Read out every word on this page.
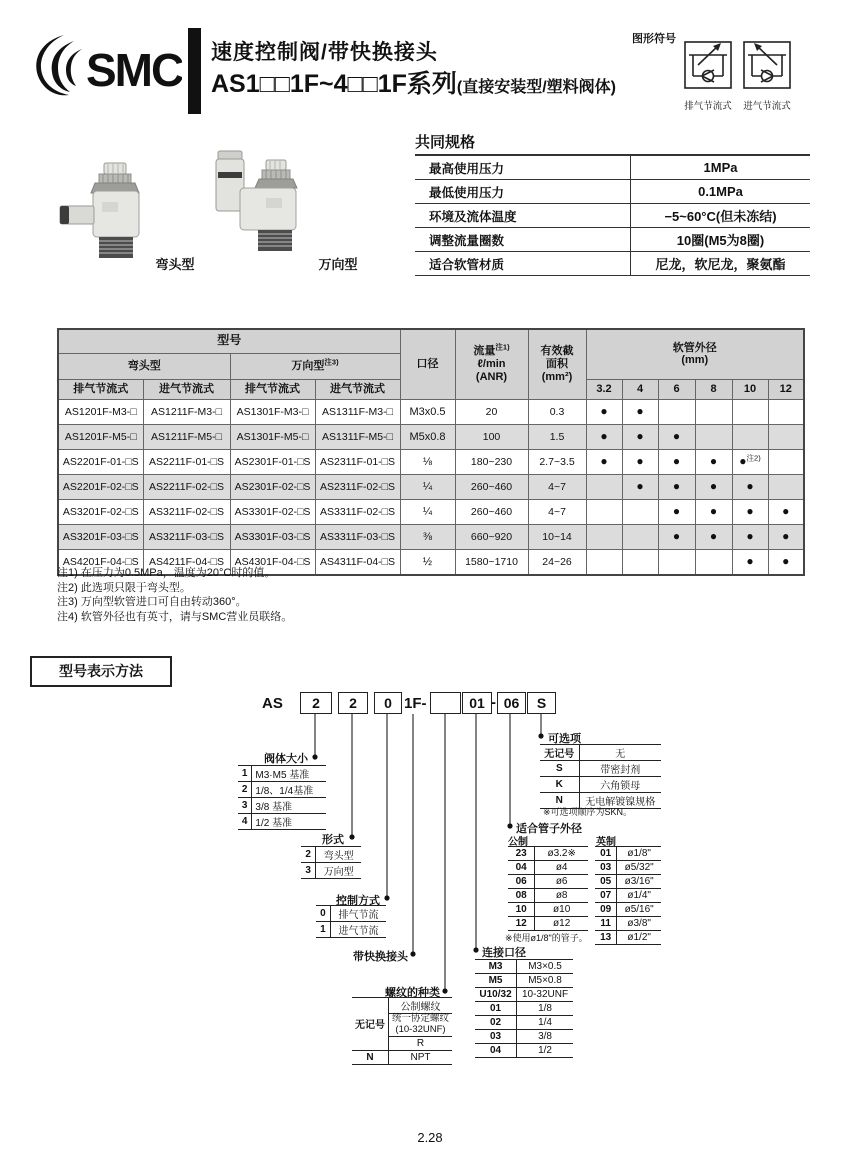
SMC 速度控制阀/带快换接头
AS1□□1F~4□□1F系列(直接安装型/塑料阀体)
图形符号
排气节流式	进气节流式
弯头型	万向型
共同规格
最高使用压力	1MPa
最低使用压力	0.1MPa
环境及流体温度	−5~60°C(但未冻结)
调整流量圈数	10圈(M5为8圈)
适合软管材质	尼龙，软尼龙，聚氨酯
型号	口径	
流量$^{注1)}$
ℓ/min
(ANR)

有效截
面积
(mm²)

软管外径
(mm)

弯头型		万向型$^{注3)}$
排气节流式	进气节流式	排气节流式	进气节流式				3.2	4	6	8	10	12
AS1201F-M3-□	AS1211F-M3-□	AS1301F-M3-□	AS1311F-M3-□	M3x0.5	20	0.3	●	●				
AS1201F-M5-□	AS1211F-M5-□	AS1301F-M5-□	AS1311F-M5-□	M5x0.8	100	1.5	●	●	●			
AS2201F-01-□S	AS2211F-01-□S	AS2301F-01-□S	AS2311F-01-□S	⅛	180~230	2.7~3.5	●	●	●	●	●$^{注2)}$	
AS2201F-02-□S	AS2211F-02-□S	AS2301F-02-□S	AS2311F-02-□S	¼	260~460	4~7		●	●	●	●	
AS3201F-02-□S	AS3211F-02-□S	AS3301F-02-□S	AS3311F-02-□S	¼	260~460	4~7			●	●	●	●
AS3201F-03-□S	AS3211F-03-□S	AS3301F-03-□S	AS3311F-03-□S	⅜	660~920	10~14			●	●	●	●
AS4201F-04-□S	AS4211F-04-□S	AS4301F-04-□S	AS4311F-04-□S	½	1580~1710	24~26					●	●
注1) 在压力为0.5MPa，温度为20°C时的值。
注2) 此选项只限于弯头型。
注3) 万向型软管进口可自由转动360°。
注4) 软管外径也有英寸，请与SMC营业员联络。
型号表示方法
AS	2	2	0 1F-	01 - 06	S
阀体大小
1	M3·M5 基准
2	1/8、1/4基准
3	3/8 基准
4	1/2 基准
形式
2	弯头型
3	万向型
控制方式
0	排气节流
1	进气节流
带快换接头
螺纹的种类
无记号	公制螺纹

	统一协定螺纹
(10-32UNF)

	R
N	NPT
连接口径
M3	M3×0.5
M5	M5×0.8
U10/32	10-32UNF
01	1/8
02	1/4
03	3/8
04	1/2
适合管子外径
公制
23	ø3.2※
04	ø4
06	ø6
08	ø8
10	ø10
12	ø12
※使用ø1/8"的管子。
英制
01	ø1/8"
03	ø5/32"
05	ø3/16"
07	ø1/4"
09	ø5/16"
11	ø3/8"
13	ø1/2"
可选项
无记号	无
S	带密封剂
K	六角锁母
N	无电解镀镍规格
※可选项顺序为SKN。
2.28
